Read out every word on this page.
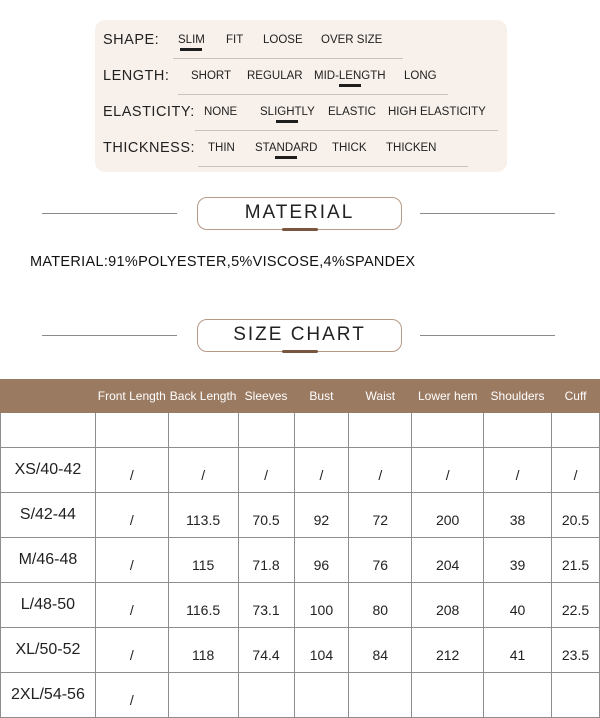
SHAPE: SLIM FIT LOOSE OVER SIZE
LENGTH: SHORT REGULAR MID-LENGTH LONG
ELASTICITY: NONE SLIGHTLY ELASTIC HIGH ELASTICITY
THICKNESS: THIN STANDARD THICK THICKEN
MATERIAL
MATERIAL:91%POLYESTER,5%VISCOSE,4%SPANDEX
SIZE CHART
	Front Length	Back Length	Sleeves	Bust	Waist	Lower hem	Shoulders	Cuff

XS/40-42	/	/	/	/	/	/	/	/
S/42-44	/	113.5	70.5	92	72	200	38	20.5
M/46-48	/	115	71.8	96	76	204	39	21.5
L/48-50	/	116.5	73.1	100	80	208	40	22.5
XL/50-52	/	118	74.4	104	84	212	41	23.5
2XL/54-56	/							
